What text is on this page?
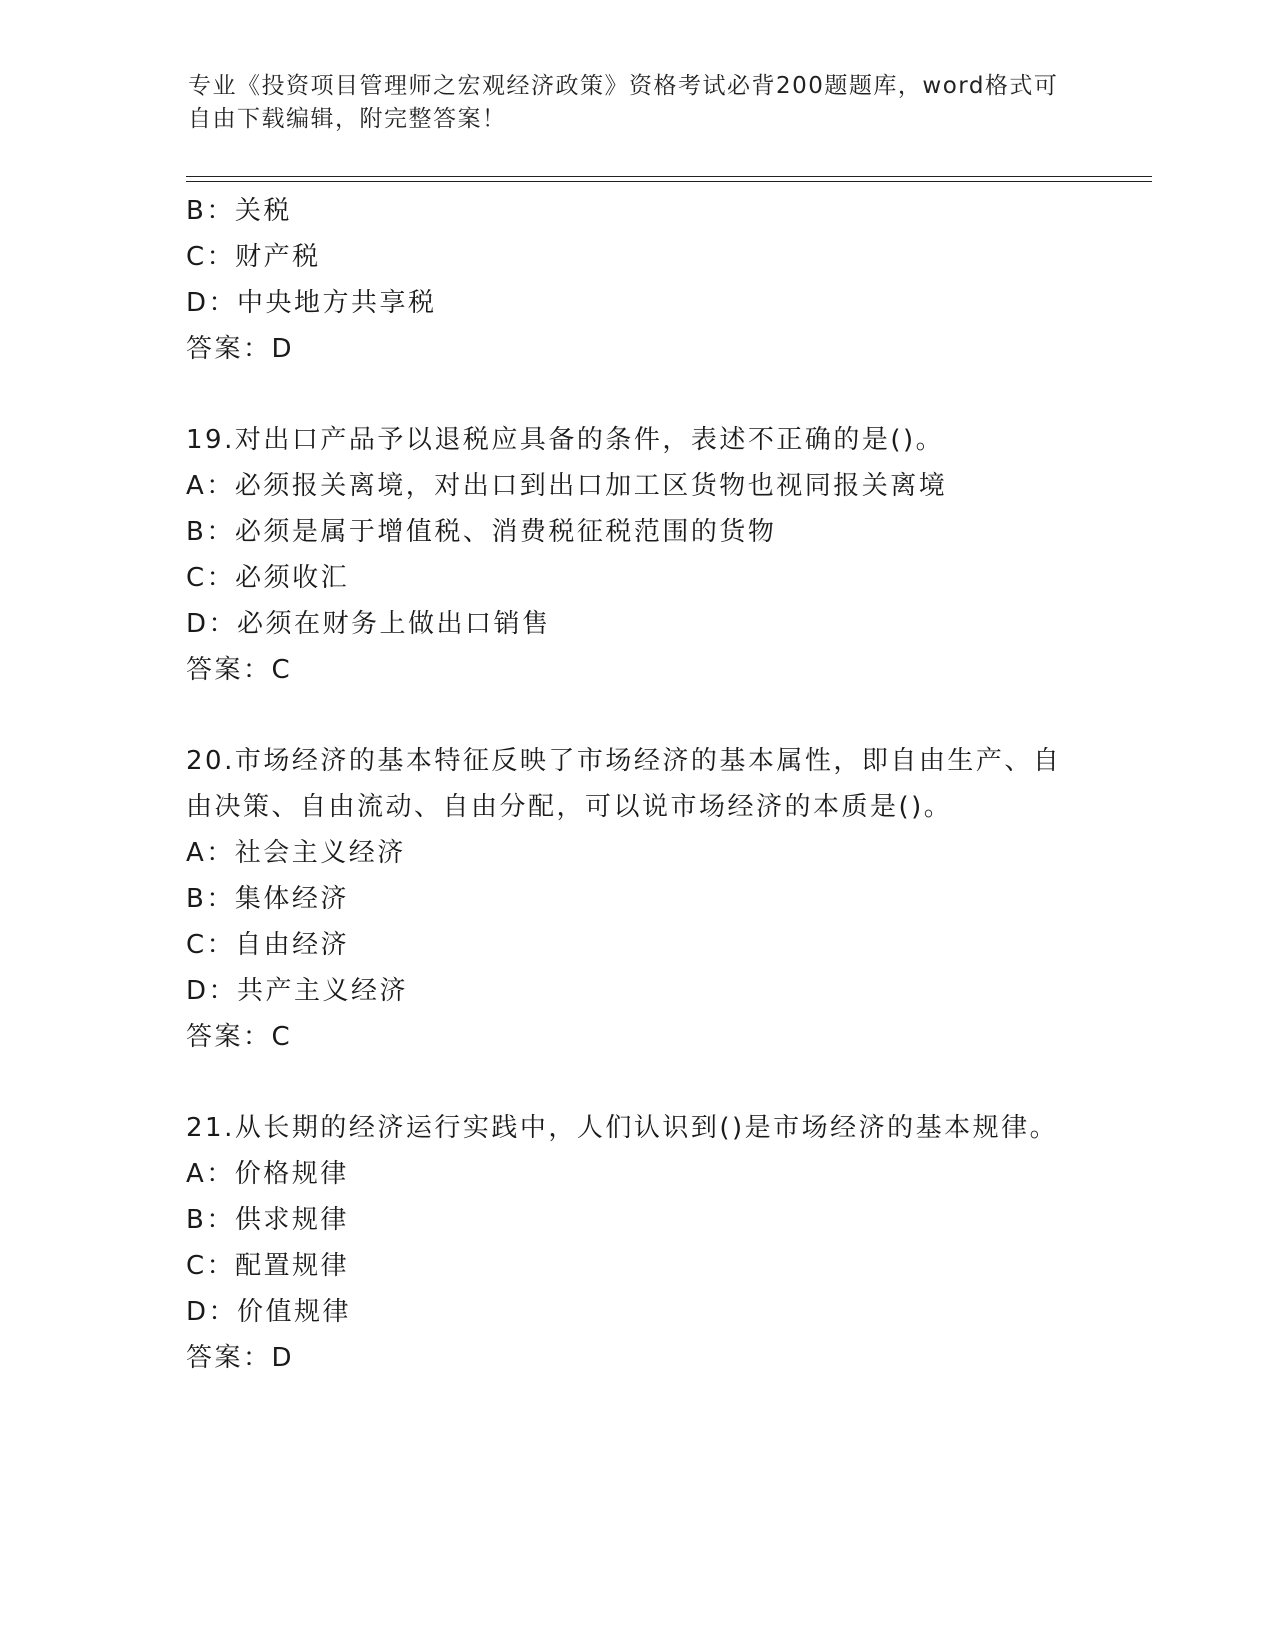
专业《投资项目管理师之宏观经济政策》资格考试必背200题题库，word格式可
自由下载编辑，附完整答案！
B：关税
C：财产税
D：中央地方共享税
答案：D
19.对出口产品予以退税应具备的条件，表述不正确的是()。
A：必须报关离境，对出口到出口加工区货物也视同报关离境
B：必须是属于增值税、消费税征税范围的货物
C：必须收汇
D：必须在财务上做出口销售
答案：C
20.市场经济的基本特征反映了市场经济的基本属性，即自由生产、自
由决策、自由流动、自由分配，可以说市场经济的本质是()。
A：社会主义经济
B：集体经济
C：自由经济
D：共产主义经济
答案：C
21.从长期的经济运行实践中，人们认识到()是市场经济的基本规律。
A：价格规律
B：供求规律
C：配置规律
D：价值规律
答案：D
